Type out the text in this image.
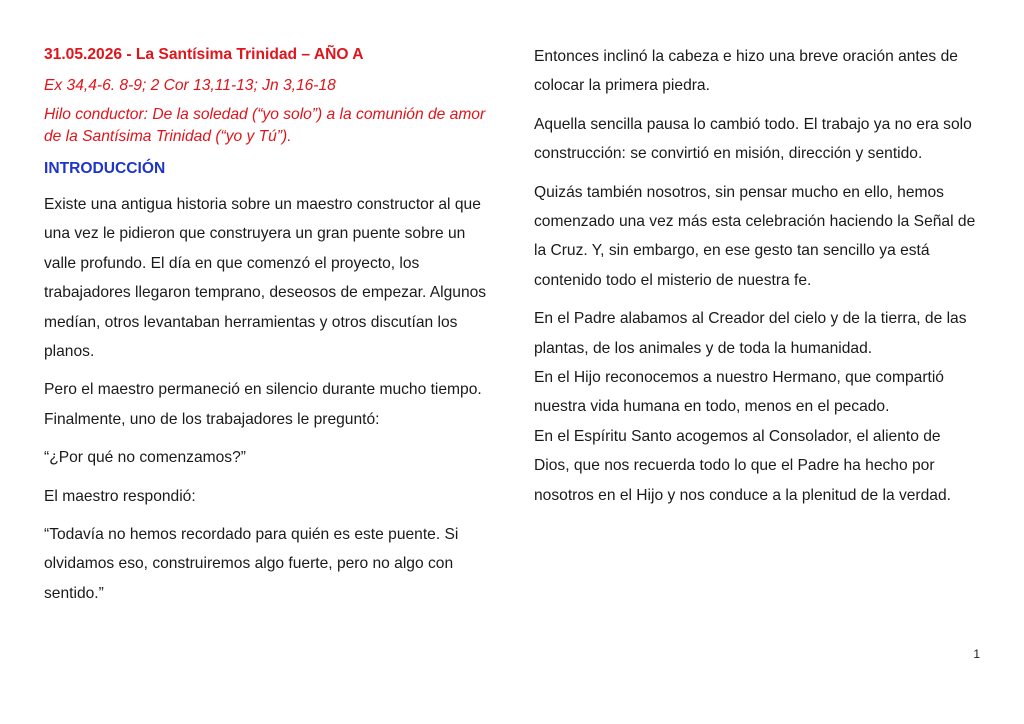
31.05.2026 - La Santísima Trinidad – AÑO A
Ex 34,4-6. 8-9; 2 Cor 13,11-13; Jn 3,16-18
Hilo conductor: De la soledad (“yo solo”) a la comunión de amor de la Santísima Trinidad (“yo y Tú”).
INTRODUCCIÓN

Existe una antigua historia sobre un maestro constructor al que una vez le pidieron que construyera un gran puente sobre un valle profundo. El día en que comenzó el proyecto, los trabajadores llegaron temprano, deseosos de empezar. Algunos medían, otros levantaban herramientas y otros discutían los planos.

Pero el maestro permaneció en silencio durante mucho tiempo. Finalmente, uno de los trabajadores le preguntó:

“¿Por qué no comenzamos?”

El maestro respondió:

“Todavía no hemos recordado para quién es este puente. Si olvidamos eso, construiremos algo fuerte, pero no algo con sentido.”

Entonces inclinó la cabeza e hizo una breve oración antes de colocar la primera piedra.

Aquella sencilla pausa lo cambió todo. El trabajo ya no era solo construcción: se convirtió en misión, dirección y sentido.

Quizás también nosotros, sin pensar mucho en ello, hemos comenzado una vez más esta celebración haciendo la Señal de la Cruz. Y, sin embargo, en ese gesto tan sencillo ya está contenido todo el misterio de nuestra fe.

En el Padre alabamos al Creador del cielo y de la tierra, de las plantas, de los animales y de toda la humanidad.

En el Hijo reconocemos a nuestro Hermano, que compartió nuestra vida humana en todo, menos en el pecado.

En el Espíritu Santo acogemos al Consolador, el aliento de Dios, que nos recuerda todo lo que el Padre ha hecho por nosotros en el Hijo y nos conduce a la plenitud de la verdad.

1
